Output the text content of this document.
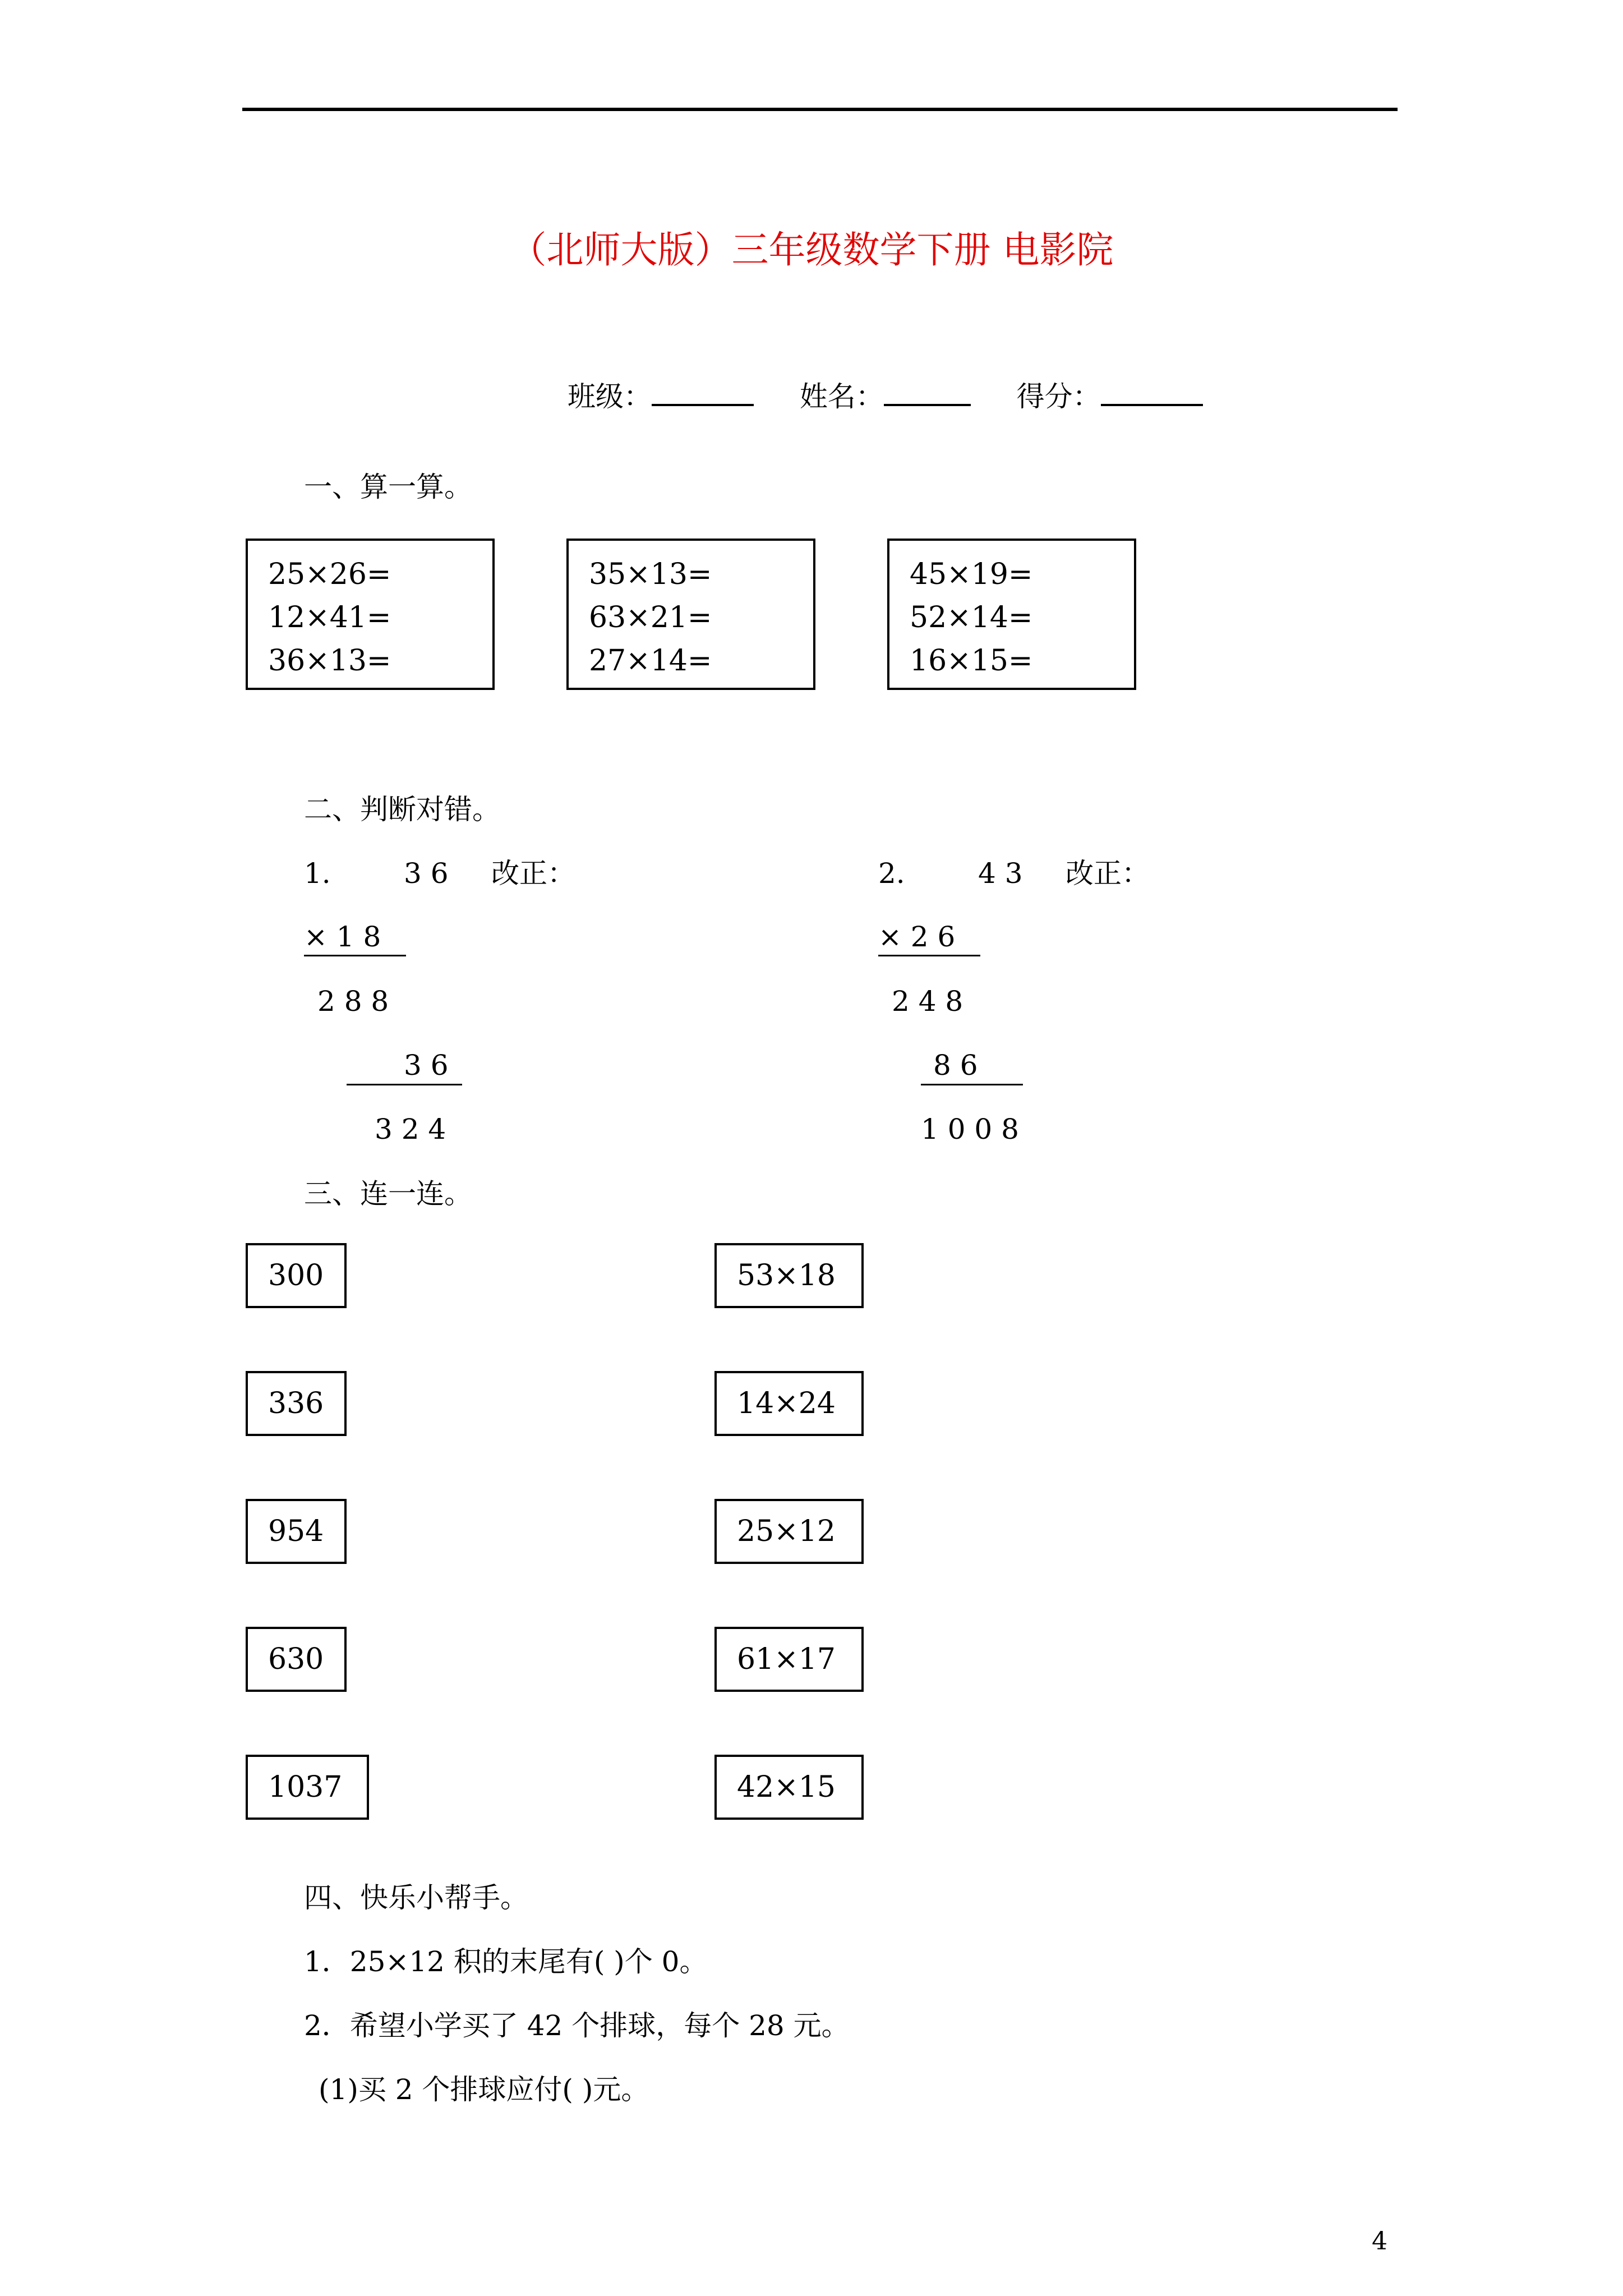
（北师大版）三年级数学下册 电影院
班级：	姓名：	得分：
一、算一算。
25×26=
12×41=
36×13=
35×13=
63×21=
27×14=
45×19=
52×14=
16×15=
二、判断对错。
1.	3 6 改正：
× 1 8
2 8 8
3 6
3 2 4
2.	4 3 改正：
× 2 6
2 4 8
8 6
1 0 0 8
三、连一连。
300
336
954
630
1037
53×18
14×24
25×12
61×17
42×15
四、快乐小帮手。
1．25×12 积的末尾有( )个 0。
2．希望小学买了 42 个排球，每个 28 元。
(1)买 2 个排球应付( )元。
4
